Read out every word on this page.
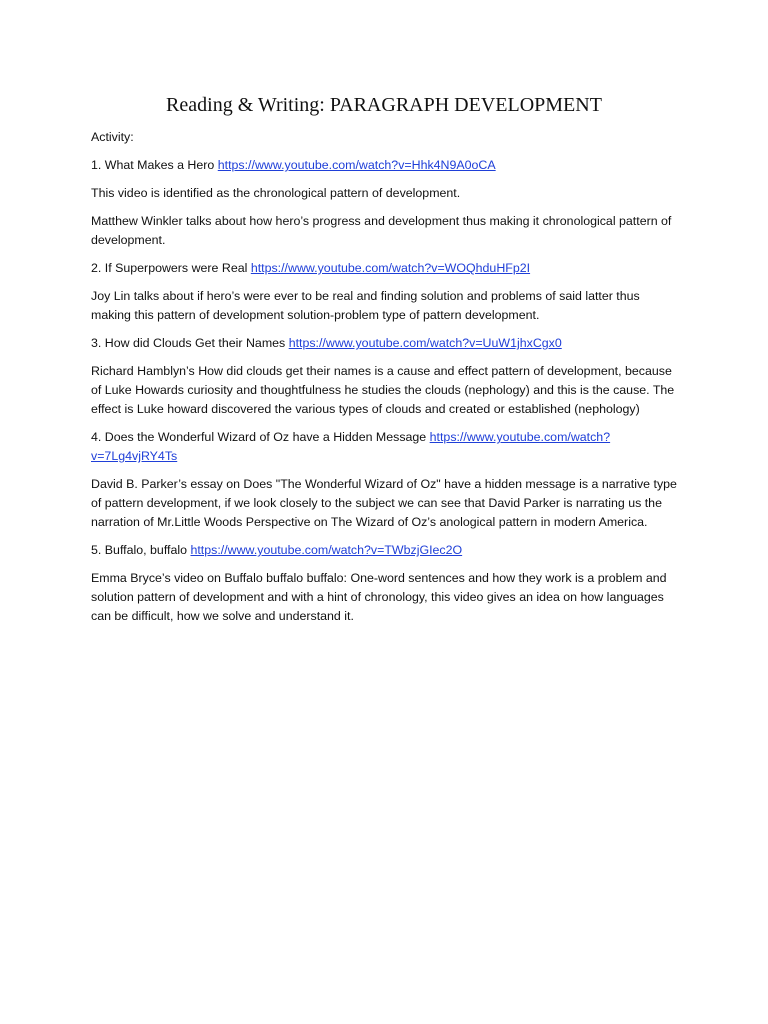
Reading & Writing: PARAGRAPH DEVELOPMENT

Activity:

1. What Makes a Hero https://www.youtube.com/watch?v=Hhk4N9A0oCA

This video is identified as the chronological pattern of development.

Matthew Winkler talks about how hero’s progress and development thus making it chronological pattern of development.

2. If Superpowers were Real https://www.youtube.com/watch?v=WOQhduHFp2I

Joy Lin talks about if hero’s were ever to be real and finding solution and problems of said latter thus making this pattern of development solution-problem type of pattern development.

3. How did Clouds Get their Names https://www.youtube.com/watch?v=UuW1jhxCgx0

Richard Hamblyn’s How did clouds get their names is a cause and effect pattern of development, because of Luke Howards curiosity and thoughtfulness he studies the clouds (nephology) and this is the cause. The effect is Luke howard discovered the various types of clouds and created or established (nephology)

4. Does the Wonderful Wizard of Oz have a Hidden Message https://www.youtube.com/watch?v=7Lg4vjRY4Ts

David B. Parker’s essay on Does "The Wonderful Wizard of Oz" have a hidden message is a narrative type of pattern development, if we look closely to the subject we can see that David Parker is narrating us the narration of Mr.Little Woods Perspective on The Wizard of Oz’s anological pattern in modern America.

5. Buffalo, buffalo https://www.youtube.com/watch?v=TWbzjGIec2O

Emma Bryce’s video on Buffalo buffalo buffalo: One-word sentences and how they work is a problem and solution pattern of development and with a hint of chronology, this video gives an idea on how languages can be difficult, how we solve and understand it.
